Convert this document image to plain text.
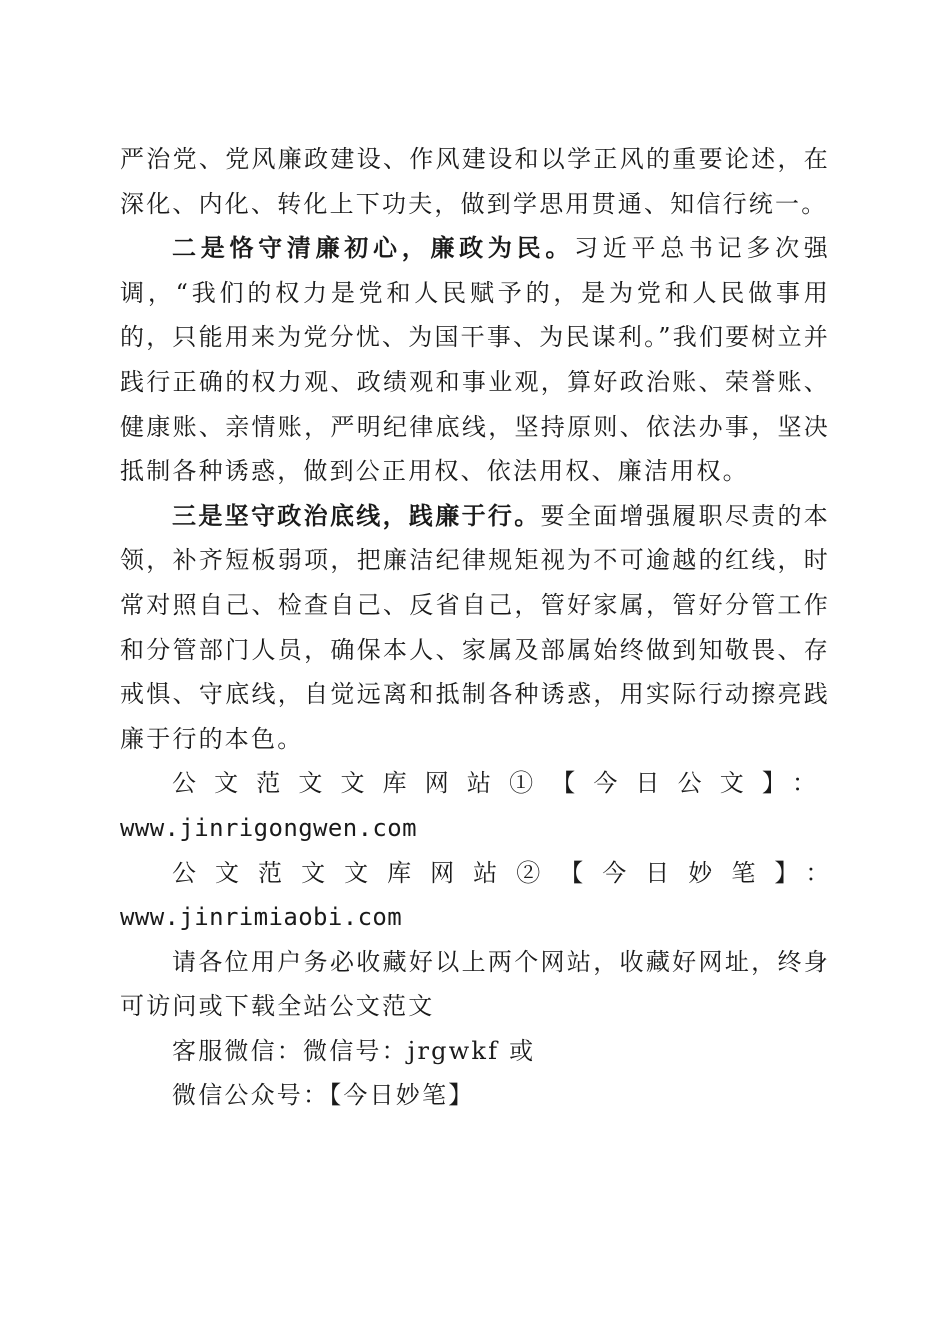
严治党、党风廉政建设、作风建设和以学正风的重要论述，在深化、内化、转化上下功夫，做到学思用贯通、知信行统一。

二是恪守清廉初心，廉政为民。习近平总书记多次强调，“我们的权力是党和人民赋予的，是为党和人民做事用的，只能用来为党分忧、为国干事、为民谋利。”我们要树立并践行正确的权力观、政绩观和事业观，算好政治账、荣誉账、健康账、亲情账，严明纪律底线，坚持原则、依法办事，坚决抵制各种诱惑，做到公正用权、依法用权、廉洁用权。

三是坚守政治底线，践廉于行。要全面增强履职尽责的本领，补齐短板弱项，把廉洁纪律规矩视为不可逾越的红线，时常对照自己、检查自己、反省自己，管好家属，管好分管工作和分管部门人员，确保本人、家属及部属始终做到知敬畏、存戒惧、守底线，自觉远离和抵制各种诱惑，用实际行动擦亮践廉于行的本色。

公文范文文库网站①【今日公文】：

www.jinrigongwen.com

公文范文文库网站②【今日妙笔】：www.jinrimiaobi.com

请各位用户务必收藏好以上两个网站，收藏好网址，终身可访问或下载全站公文范文

客服微信：微信号：jrgwkf 或

微信公众号：【今日妙笔】
